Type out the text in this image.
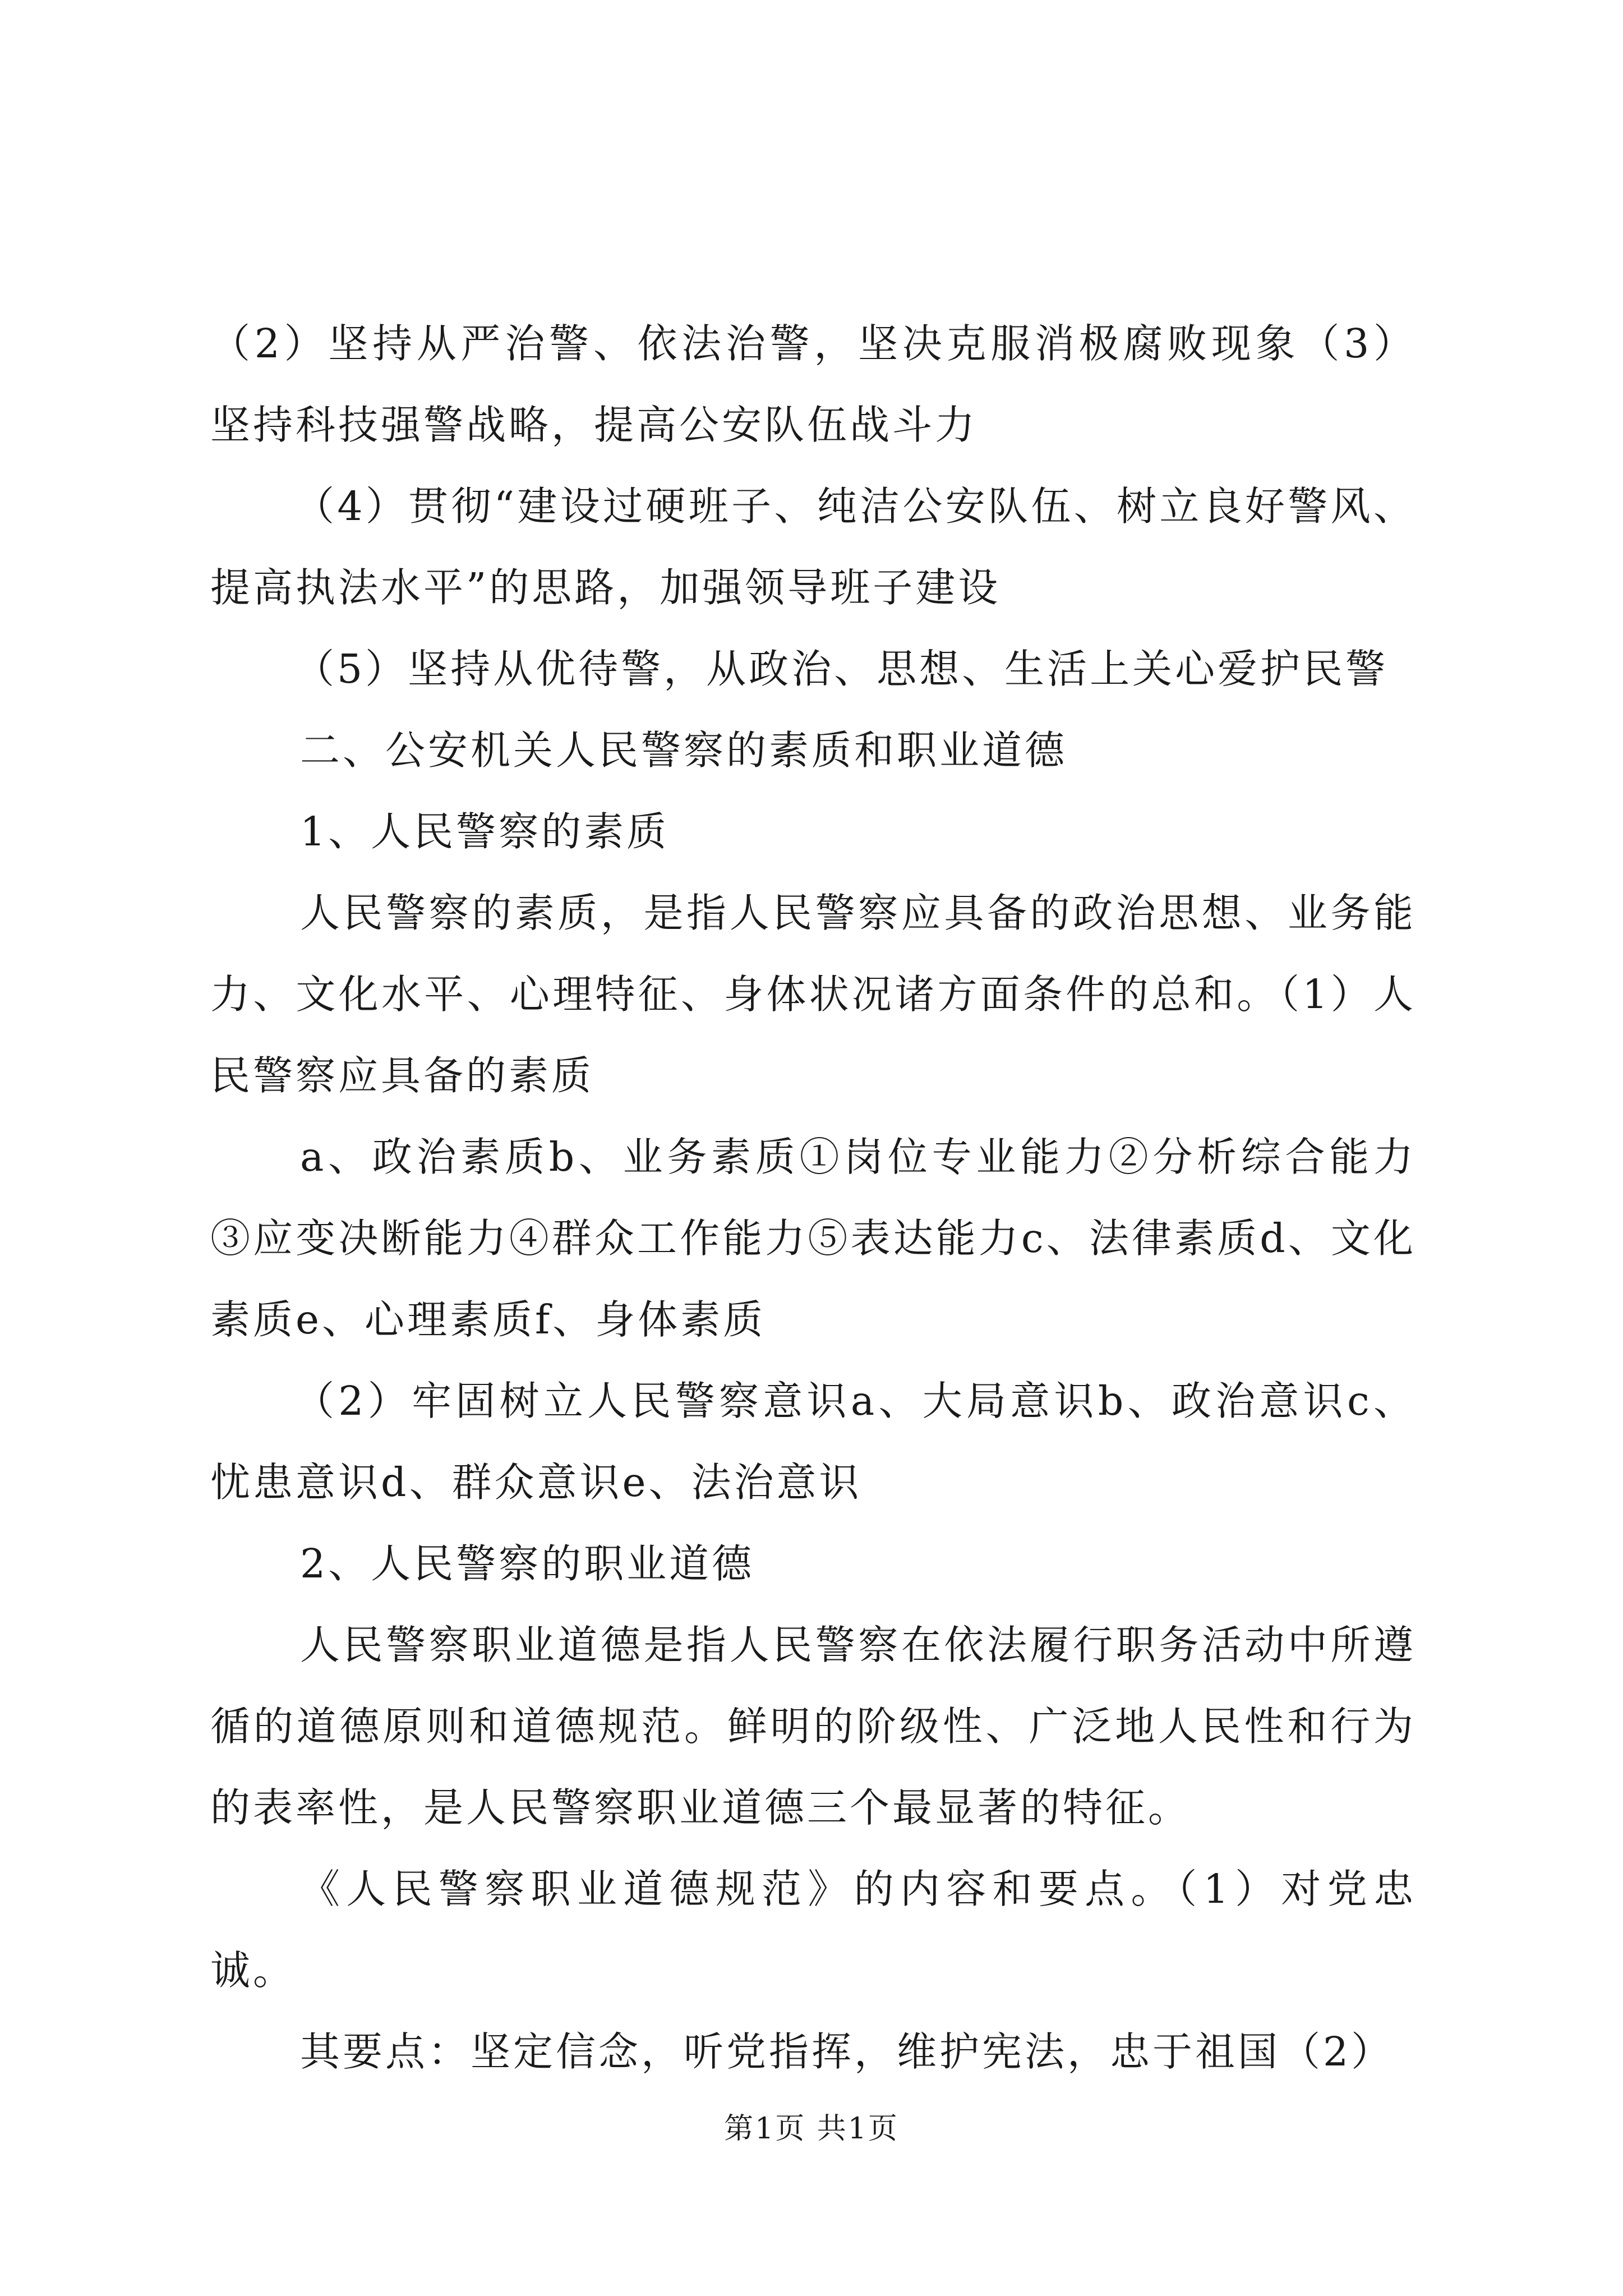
（2）坚持从严治警、依法治警，坚决克服消极腐败现象（3）坚持科技强警战略，提高公安队伍战斗力

（4）贯彻“建设过硬班子、纯洁公安队伍、树立良好警风、提高执法水平”的思路，加强领导班子建设

（5）坚持从优待警，从政治、思想、生活上关心爱护民警

二、公安机关人民警察的素质和职业道德

1、人民警察的素质

人民警察的素质，是指人民警察应具备的政治思想、业务能力、文化水平、心理特征、身体状况诸方面条件的总和。（1）人民警察应具备的素质

a、政治素质b、业务素质①岗位专业能力②分析综合能力③应变决断能力④群众工作能力⑤表达能力c、法律素质d、文化素质e、心理素质f、身体素质

（2）牢固树立人民警察意识a、大局意识b、政治意识c、忧患意识d、群众意识e、法治意识

2、人民警察的职业道德

人民警察职业道德是指人民警察在依法履行职务活动中所遵循的道德原则和道德规范。鲜明的阶级性、广泛地人民性和行为的表率性，是人民警察职业道德三个最显著的特征。

《人民警察职业道德规范》的内容和要点。（1）对党忠诚。

其要点：坚定信念，听党指挥，维护宪法，忠于祖国（2）

第1页 共1页
